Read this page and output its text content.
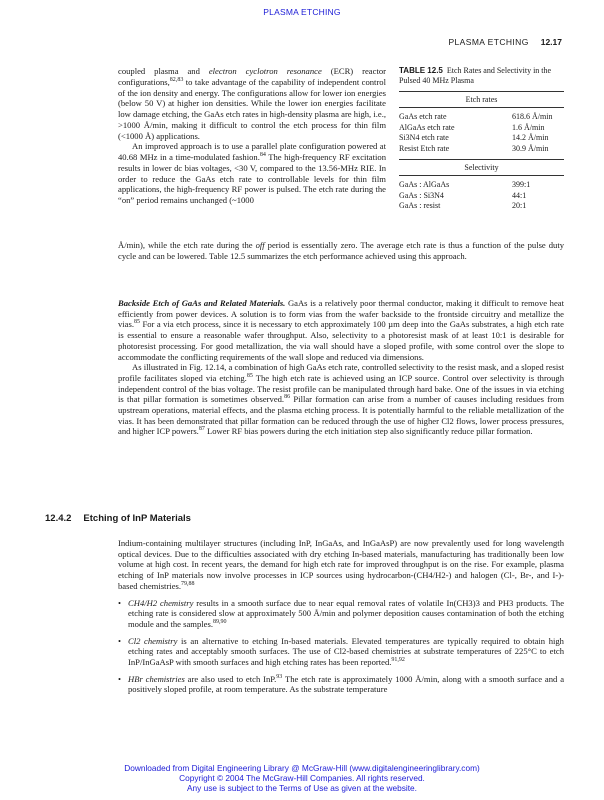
PLASMA ETCHING
PLASMA ETCHING 12.17

coupled plasma and electron cyclotron resonance (ECR) reactor configurations,$^{82,83}$ to take advantage of the capability of independent control of the ion density and energy. The configurations allow for lower ion energies (below 50 V) at higher ion densities. While the lower ion energies facilitate low damage etching, the GaAs etch rates in high-density plasma are high, i.e., >1000 Å/min, making it difficult to control the etch process for thin film (<1000 Å) applications.

An improved approach is to use a parallel plate configuration powered at 40.68 MHz in a time-modulated fashion.$^{84}$ The high-frequency RF excitation results in lower dc bias voltages, <30 V, compared to the 13.56-MHz RIE. In order to reduce the GaAs etch rate to controllable levels for thin film applications, the high-frequency RF power is pulsed. The etch rate during the “on” period remains unchanged (~1000

TABLE 12.5 Etch Rates and Selectivity in the Pulsed 40 MHz Plasma

Etch rates
GaAs etch rate	618.6 Å/min
AlGaAs etch rate	1.6 Å/min
Si3N4 etch rate	14.2 Å/min
Resist Etch rate	30.9 Å/min
Selectivity
GaAs : AlGaAs	399:1
GaAs : Si3N4	44:1
GaAs : resist	20:1

Å/min), while the etch rate during the off period is essentially zero. The average etch rate is thus a function of the pulse duty cycle and can be lowered. Table 12.5 summarizes the etch performance achieved using this approach.

Backside Etch of GaAs and Related Materials. GaAs is a relatively poor thermal conductor, making it difficult to remove heat efficiently from power devices. A solution is to form vias from the wafer backside to the frontside circuitry and metallize the vias.$^{85}$ For a via etch process, since it is necessary to etch approximately 100 µm deep into the GaAs substrates, a high etch rate is essential to ensure a reasonable wafer throughput. Also, selectivity to a photoresist mask of at least 10:1 is desirable for photoresist processing. For good metallization, the via wall should have a sloped profile, with some control over the slope to accommodate the conflicting requirements of the wall slope and reduced via dimensions.

As illustrated in Fig. 12.14, a combination of high GaAs etch rate, controlled selectivity to the resist mask, and a sloped resist profile facilitates sloped via etching.$^{85}$ The high etch rate is achieved using an ICP source. Control over selectivity is through independent control of the bias voltage. The resist profile can be manipulated through hard bake. One of the issues in via etching is that pillar formation is sometimes observed.$^{86}$ Pillar formation can arise from a number of causes including residues from upstream operations, material effects, and the plasma etching process. It is potentially harmful to the reliable metallization of the vias. It has been demonstrated that pillar formation can be reduced through the use of higher Cl2 flows, lower process pressures, and higher ICP powers.$^{87}$ Lower RF bias powers during the etch initiation step also significantly reduce pillar formation.

12.4.2 Etching of InP Materials

Indium-containing multilayer structures (including InP, InGaAs, and InGaAsP) are now prevalently used for long wavelength optical devices. Due to the difficulties associated with dry etching In-based materials, manufacturing has traditionally been low volume at high cost. In recent years, the demand for high etch rate for improved throughput is on the rise. For example, plasma etching of InP materials now involve processes in ICP sources using hydrocarbon-(CH4/H2-) and halogen (Cl-, Br-, and I-)-based chemistries.$^{79,88}$

• CH4/H2 chemistry results in a smooth surface due to near equal removal rates of volatile In(CH3)3 and PH3 products. The etching rate is considered slow at approximately 500 Å/min and polymer deposition causes contamination of both the etching module and the samples.$^{89,90}$
• Cl2 chemistry is an alternative to etching In-based materials. Elevated temperatures are typically required to obtain high etching rates and acceptably smooth surfaces. The use of Cl2-based chemistries at substrate temperatures of 225°C to etch InP/InGaAsP with smooth surfaces and high etching rates has been reported.$^{91,92}$
• HBr chemistries are also used to etch InP.$^{93}$ The etch rate is approximately 1000 Å/min, along with a smooth surface and a positively sloped profile, at room temperature. As the substrate temperature
Downloaded from Digital Engineering Library @ McGraw-Hill (www.digitalengineeringlibrary.com)
Copyright © 2004 The McGraw-Hill Companies. All rights reserved.
Any use is subject to the Terms of Use as given at the website.
